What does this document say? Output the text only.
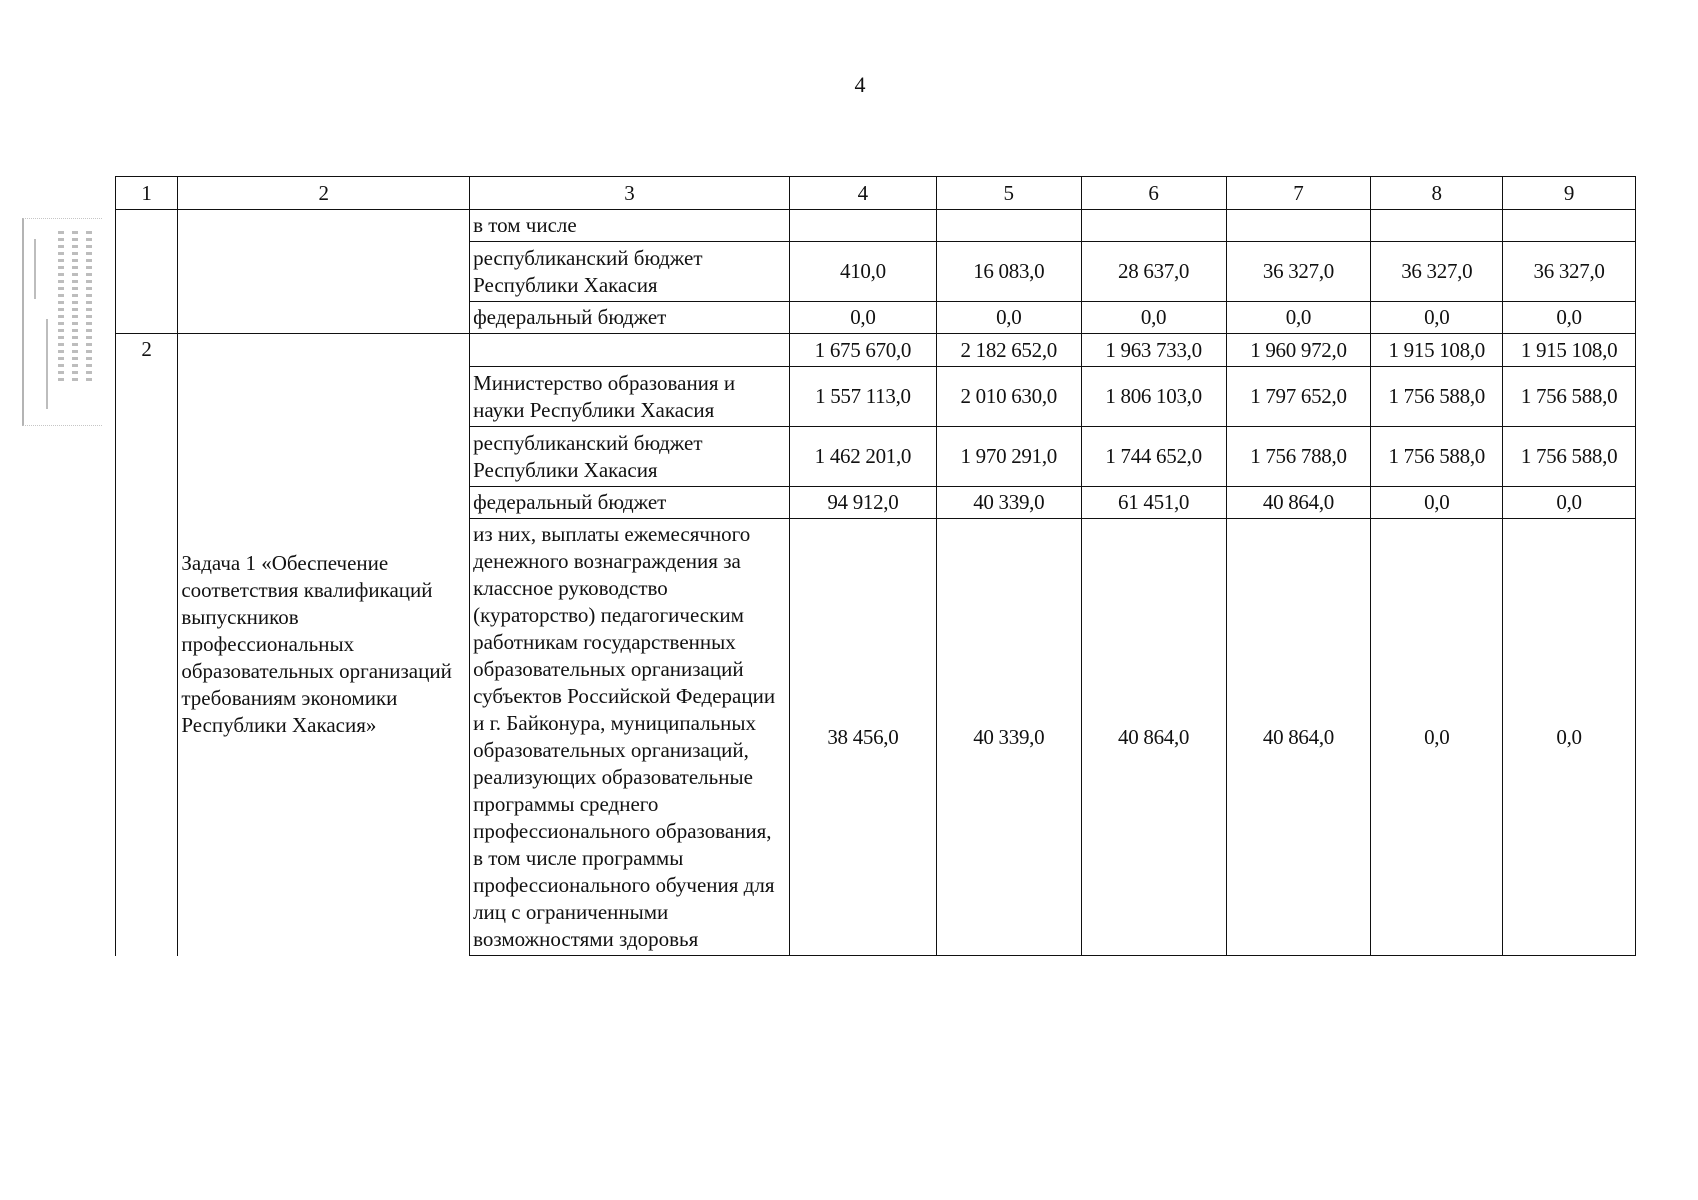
4
1	2	3	4	5	6	7	8	9
		в том числе						
		республиканский бюджет Республики Хакасия	410,0	16 083,0	28 637,0	36 327,0	36 327,0	36 327,0
		федеральный бюджет	0,0	0,0	0,0	0,0	0,0	0,0
2	Задача 1 «Обеспечение соответствия квалификаций выпускников профессиональных образовательных организаций требованиям экономики Республики Хакасия»		1 675 670,0	2 182 652,0	1 963 733,0	1 960 972,0	1 915 108,0	1 915 108,0
		Министерство образования и науки Республики Хакасия	1 557 113,0	2 010 630,0	1 806 103,0	1 797 652,0	1 756 588,0	1 756 588,0
		республиканский бюджет Республики Хакасия	1 462 201,0	1 970 291,0	1 744 652,0	1 756 788,0	1 756 588,0	1 756 588,0
		федеральный бюджет	94 912,0	40 339,0	61 451,0	40 864,0	0,0	0,0
		из них, выплаты ежемесячного денежного вознаграждения за классное руководство (кураторство) педагогическим работникам государственных образовательных организаций субъектов Российской Федерации и г. Байконура, муниципальных образовательных организаций, реализующих образовательные программы среднего профессионального образования, в том числе программы профессионального обучения для лиц с ограниченными возможностями здоровья	38 456,0	40 339,0	40 864,0	40 864,0	0,0	0,0
